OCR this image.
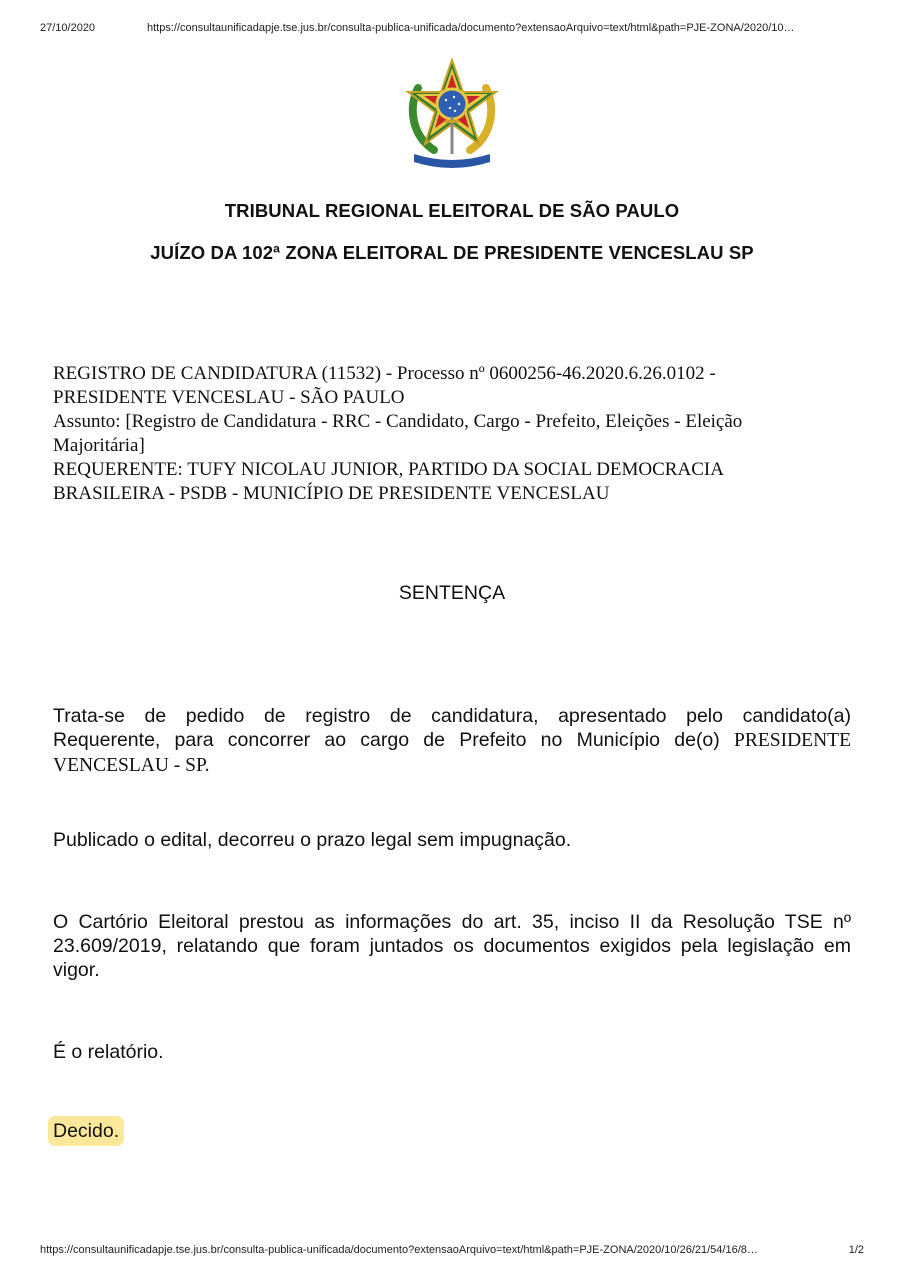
27/10/2020	https://consultaunificadapje.tse.jus.br/consulta-publica-unificada/documento?extensaoArquivo=text/html&path=PJE-ZONA/2020/10…
TRIBUNAL REGIONAL ELEITORAL DE SÃO PAULO
JUÍZO DA 102ª ZONA ELEITORAL DE PRESIDENTE VENCESLAU SP
REGISTRO DE CANDIDATURA (11532) - Processo nº 0600256-46.2020.6.26.0102 -
PRESIDENTE VENCESLAU - SÃO PAULO
Assunto: [Registro de Candidatura - RRC - Candidato, Cargo - Prefeito, Eleições - Eleição
Majoritária]
REQUERENTE: TUFY NICOLAU JUNIOR, PARTIDO DA SOCIAL DEMOCRACIA
BRASILEIRA - PSDB - MUNICÍPIO DE PRESIDENTE VENCESLAU
SENTENÇA
Trata-se de pedido de registro de candidatura, apresentado pelo candidato(a)
Requerente, para concorrer ao cargo de Prefeito no Município de(o) PRESIDENTE
VENCESLAU - SP.
Publicado o edital, decorreu o prazo legal sem impugnação.
O Cartório Eleitoral prestou as informações do art. 35, inciso II da Resolução TSE nº
23.609/2019, relatando que foram juntados os documentos exigidos pela legislação em
vigor.
É o relatório.
Decido.
https://consultaunificadapje.tse.jus.br/consulta-publica-unificada/documento?extensaoArquivo=text/html&path=PJE-ZONA/2020/10/26/21/54/16/8…	1/2
